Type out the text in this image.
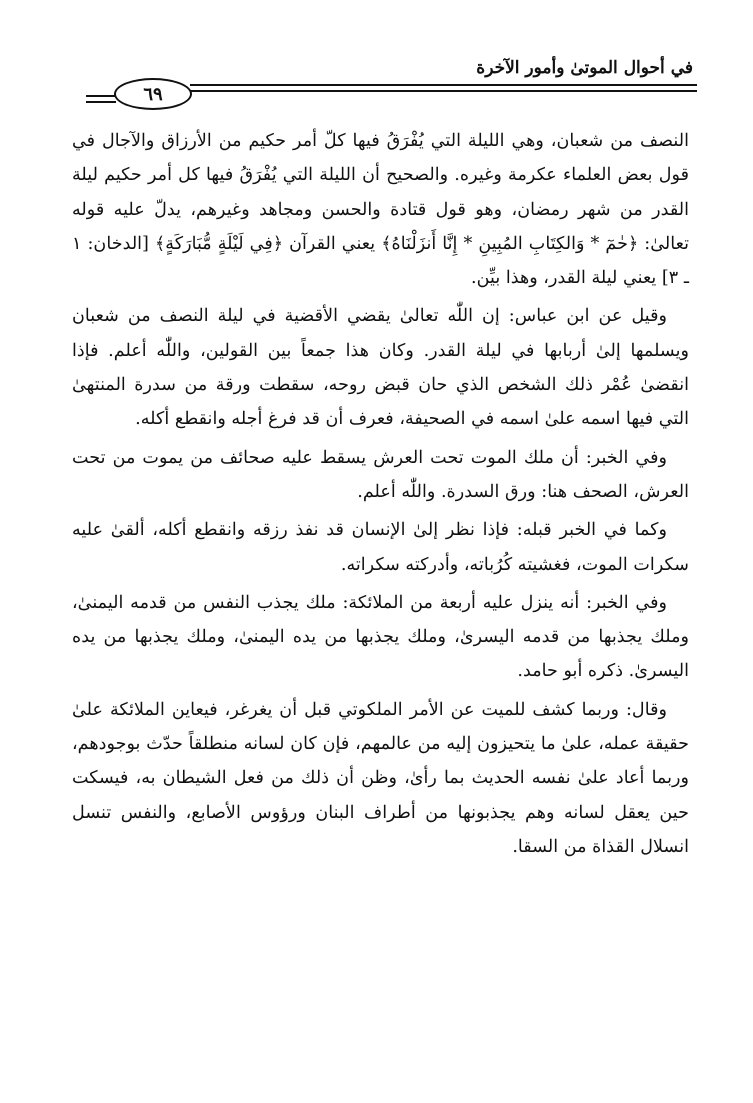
في أحوال الموتىٰ وأمور الآخرة
٦٩

النصف من شعبان، وهي الليلة التي يُفْرَقُ فيها كلّ أمر حكيم من الأرزاق والآجال في قول بعض العلماء عكرمة وغيره. والصحيح أن الليلة التي يُفْرَقُ فيها كل أمر حكيم ليلة القدر من شهر رمضان، وهو قول قتادة والحسن ومجاهد وغيرهم، يدلّ عليه قوله تعالىٰ: ﴿حٰمٓ * وَالكِتَابِ المُبِينِ * إِنَّا أَنزَلْنَاهُ﴾ يعني القرآن ﴿فِي لَيْلَةٍ مُّبَارَكَةٍ﴾ [الدخان: ١ ـ ٣] يعني ليلة القدر، وهذا بيِّن.

وقيل عن ابن عباس: إن اللّٰه تعالىٰ يقضي الأقضية في ليلة النصف من شعبان ويسلمها إلىٰ أربابها في ليلة القدر. وكان هذا جمعاً بين القولين، واللّٰه أعلم. فإذا انقضىٰ عُمْر ذلك الشخص الذي حان قبض روحه، سقطت ورقة من سدرة المنتهىٰ التي فيها اسمه علىٰ اسمه في الصحيفة، فعرف أن قد فرغ أجله وانقطع أكله.

وفي الخبر: أن ملك الموت تحت العرش يسقط عليه صحائف من يموت من تحت العرش، الصحف هنا: ورق السدرة. واللّٰه أعلم.

وكما في الخبر قبله: فإذا نظر إلىٰ الإنسان قد نفذ رزقه وانقطع أكله، ألقىٰ عليه سكرات الموت، فغشيته كُرُباته، وأدركته سكراته.

وفي الخبر: أنه ينزل عليه أربعة من الملائكة: ملك يجذب النفس من قدمه اليمنىٰ، وملك يجذبها من قدمه اليسرىٰ، وملك يجذبها من يده اليمنىٰ، وملك يجذبها من يده اليسرىٰ. ذكره أبو حامد.

وقال: وربما كشف للميت عن الأمر الملكوتي قبل أن يغرغر، فيعاين الملائكة علىٰ حقيقة عمله، علىٰ ما يتحيزون إليه من عالمهم، فإن كان لسانه منطلقاً حدّث بوجودهم، وربما أعاد علىٰ نفسه الحديث بما رأىٰ، وظن أن ذلك من فعل الشيطان به، فيسكت حين يعقل لسانه وهم يجذبونها من أطراف البنان ورؤوس الأصابع، والنفس تنسل انسلال القذاة من السقا.
